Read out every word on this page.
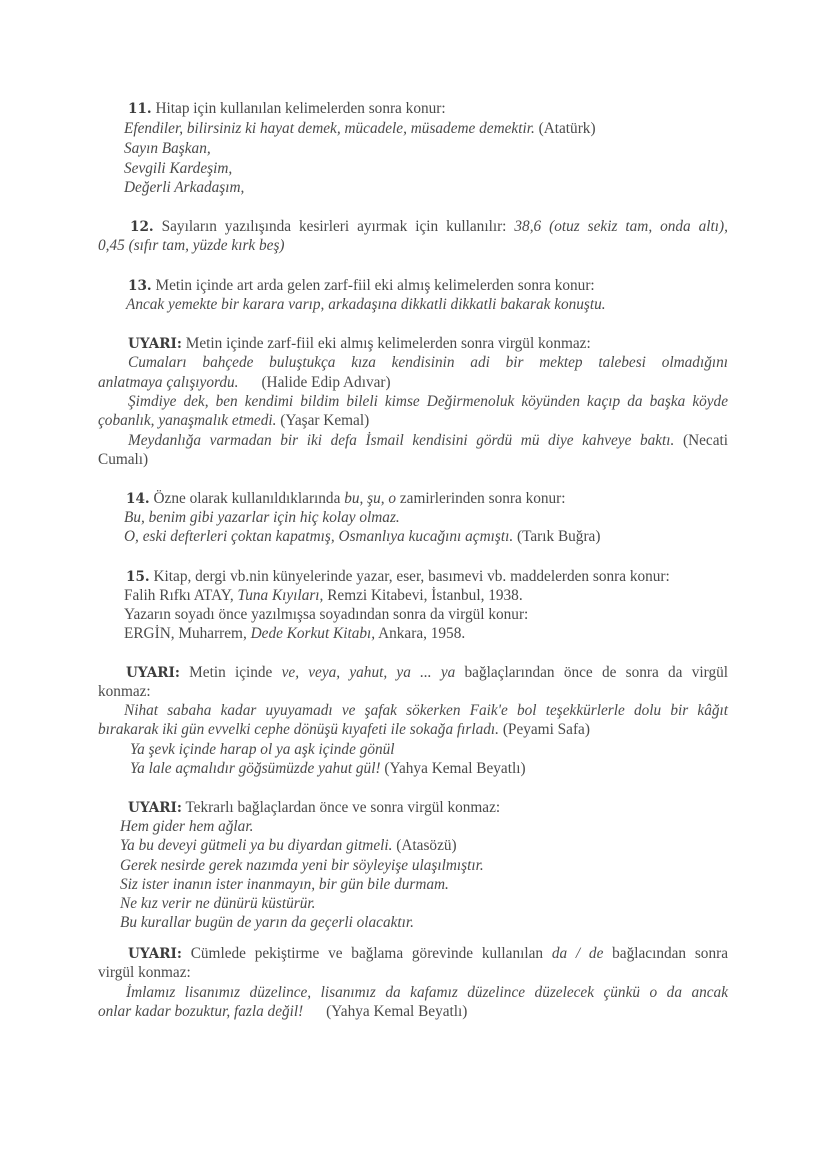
11. Hitap için kullanılan kelimelerden sonra konur:
Efendiler, bilirsiniz ki hayat demek, mücadele, müsademe demektir. (Atatürk)
Sayın Başkan,
Sevgili Kardeşim,
Değerli Arkadaşım,
12. Sayıların yazılışında kesirleri ayırmak için kullanılır: 38,6 (otuz sekiz tam, onda altı),
0,45 (sıfır tam, yüzde kırk beş)
13. Metin içinde art arda gelen zarf-fiil eki almış kelimelerden sonra konur:
Ancak yemekte bir karara varıp, arkadaşına dikkatli dikkatli bakarak konuştu.
UYARI: Metin içinde zarf-fiil eki almış kelimelerden sonra virgül konmaz:
Cumaları bahçede buluştukça kıza kendisinin adi bir mektep talebesi olmadığını
anlatmaya çalışıyordu.      (Halide Edip Adıvar)
Şimdiye dek, ben kendimi bildim bileli kimse Değirmenoluk köyünden kaçıp da başka köyde
çobanlık, yanaşmalık etmedi. (Yaşar Kemal)
Meydanlığa varmadan bir iki defa İsmail kendisini gördü mü diye kahveye baktı. (Necati
Cumalı)
14. Özne olarak kullanıldıklarında bu, şu, o zamirlerinden sonra konur:
Bu, benim gibi yazarlar için hiç kolay olmaz.
O, eski defterleri çoktan kapatmış, Osmanlıya kucağını açmıştı. (Tarık Buğra)
15. Kitap, dergi vb.nin künyelerinde yazar, eser, basımevi vb. maddelerden sonra konur:
Falih Rıfkı ATAY, Tuna Kıyıları, Remzi Kitabevi, İstanbul, 1938.
Yazarın soyadı önce yazılmışsa soyadından sonra da virgül konur:
ERGİN, Muharrem, Dede Korkut Kitabı, Ankara, 1958.
UYARI: Metin içinde ve, veya, yahut, ya ... ya bağlaçlarından önce de sonra da virgül
konmaz:
Nihat sabaha kadar uyuyamadı ve şafak sökerken Faik'e bol teşekkürlerle dolu bir kâğıt
bırakarak iki gün evvelki cephe dönüşü kıyafeti ile sokağa fırladı. (Peyami Safa)
Ya şevk içinde harap ol ya aşk içinde gönül
Ya lale açmalıdır göğsümüzde yahut gül! (Yahya Kemal Beyatlı)
UYARI: Tekrarlı bağlaçlardan önce ve sonra virgül konmaz:
Hem gider hem ağlar.
Ya bu deveyi gütmeli ya bu diyardan gitmeli. (Atasözü)
Gerek nesirde gerek nazımda yeni bir söyleyişe ulaşılmıştır.
Siz ister inanın ister inanmayın, bir gün bile durmam.
Ne kız verir ne dünürü küstürür.
Bu kurallar bugün de yarın da geçerli olacaktır.
UYARI: Cümlede pekiştirme ve bağlama görevinde kullanılan da / de bağlacından sonra
virgül konmaz:
İmlamız lisanımız düzelince, lisanımız da kafamız düzelince düzelecek çünkü o da ancak
onlar kadar bozuktur, fazla değil!      (Yahya Kemal Beyatlı)
